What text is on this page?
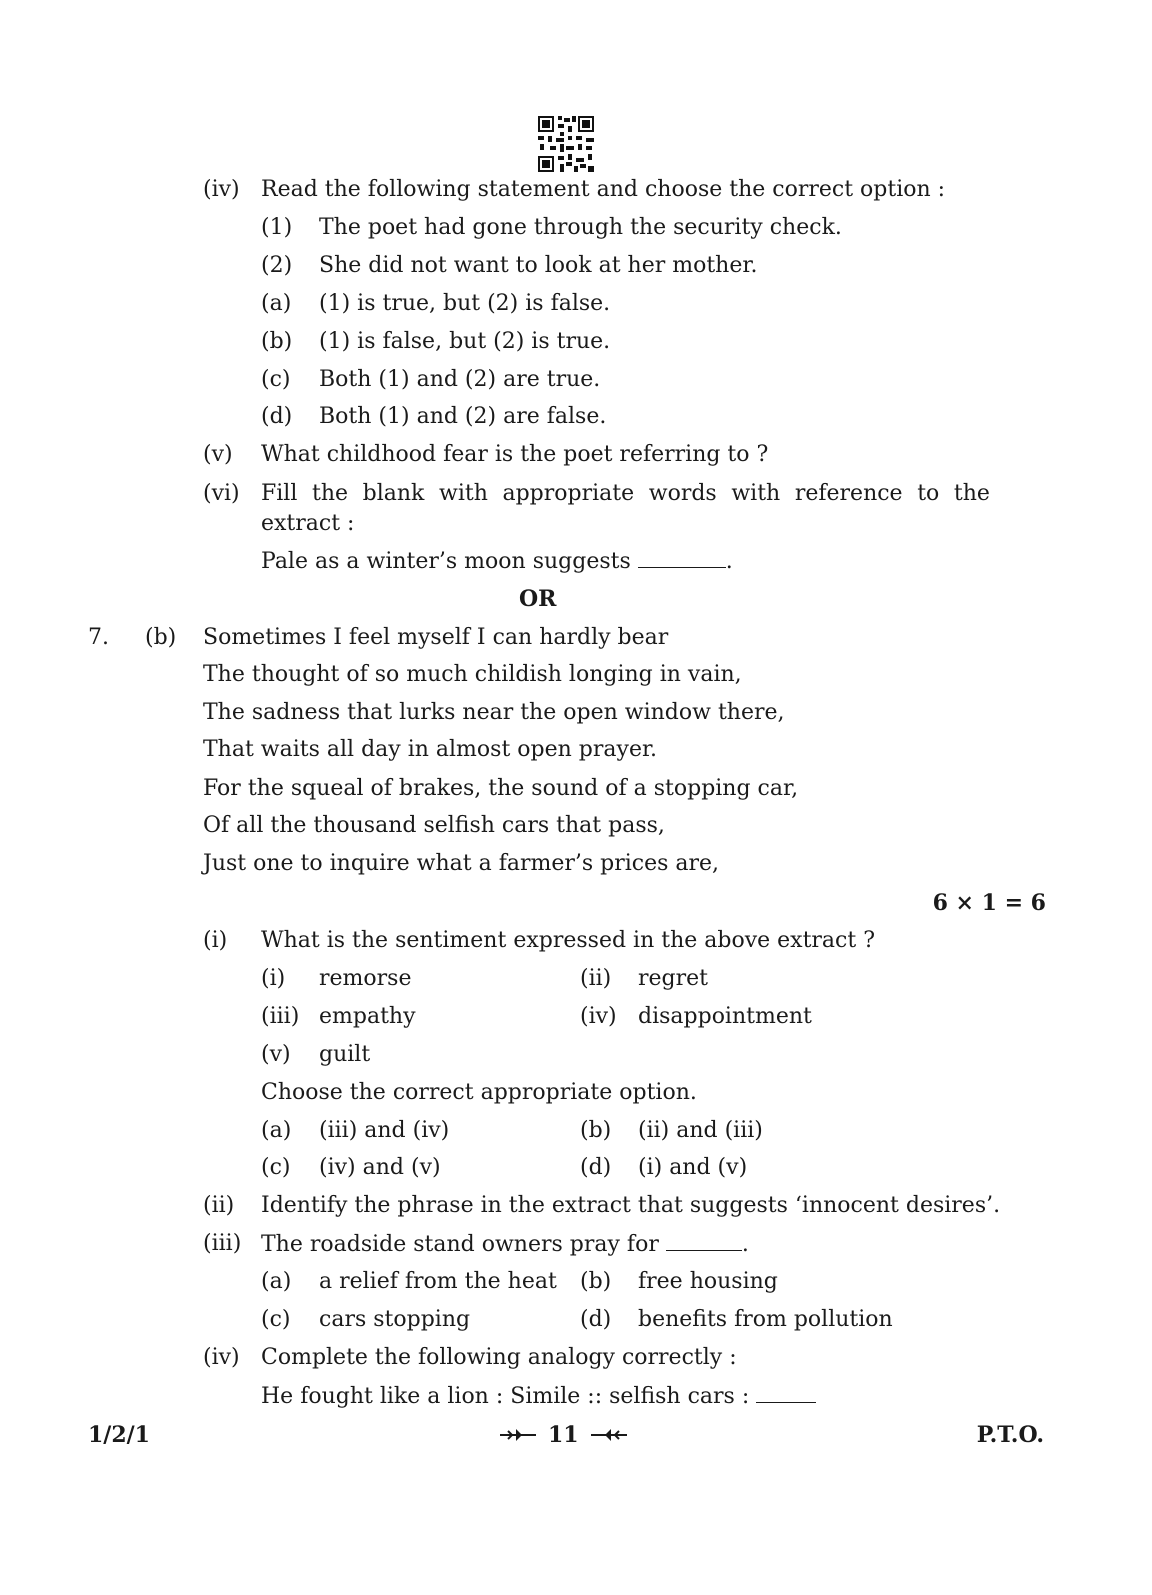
(iv) Read the following statement and choose the correct option :
(1) The poet had gone through the security check.
(2) She did not want to look at her mother.
(a) (1) is true, but (2) is false.
(b) (1) is false, but (2) is true.
(c) Both (1) and (2) are true.
(d) Both (1) and (2) are false.
(v) What childhood fear is the poet referring to ?
(vi) Fill the blank with appropriate words with reference to the
extract :
Pale as a winter’s moon suggests	.
OR
7. (b) Sometimes I feel myself I can hardly bear
The thought of so much childish longing in vain,
The sadness that lurks near the open window there,
That waits all day in almost open prayer.
For the squeal of brakes, the sound of a stopping car,
Of all the thousand selfish cars that pass,
Just one to inquire what a farmer’s prices are,
6 × 1 = 6
(i) What is the sentiment expressed in the above extract ?
(i) remorse	(ii) regret
(iii) empathy	(iv) disappointment
(v) guilt
Choose the correct appropriate option.
(a) (iii) and (iv)	(b) (ii) and (iii)
(c) (iv) and (v)	(d) (i) and (v)
(ii) Identify the phrase in the extract that suggests ‘innocent desires’.
(iii) The roadside stand owners pray for	.
(a) a relief from the heat (b) free housing
(c) cars stopping	(d) benefits from pollution
(iv) Complete the following analogy correctly :
He fought like a lion : Simile :: selfish cars :
1/2/1	11	P.T.O.
